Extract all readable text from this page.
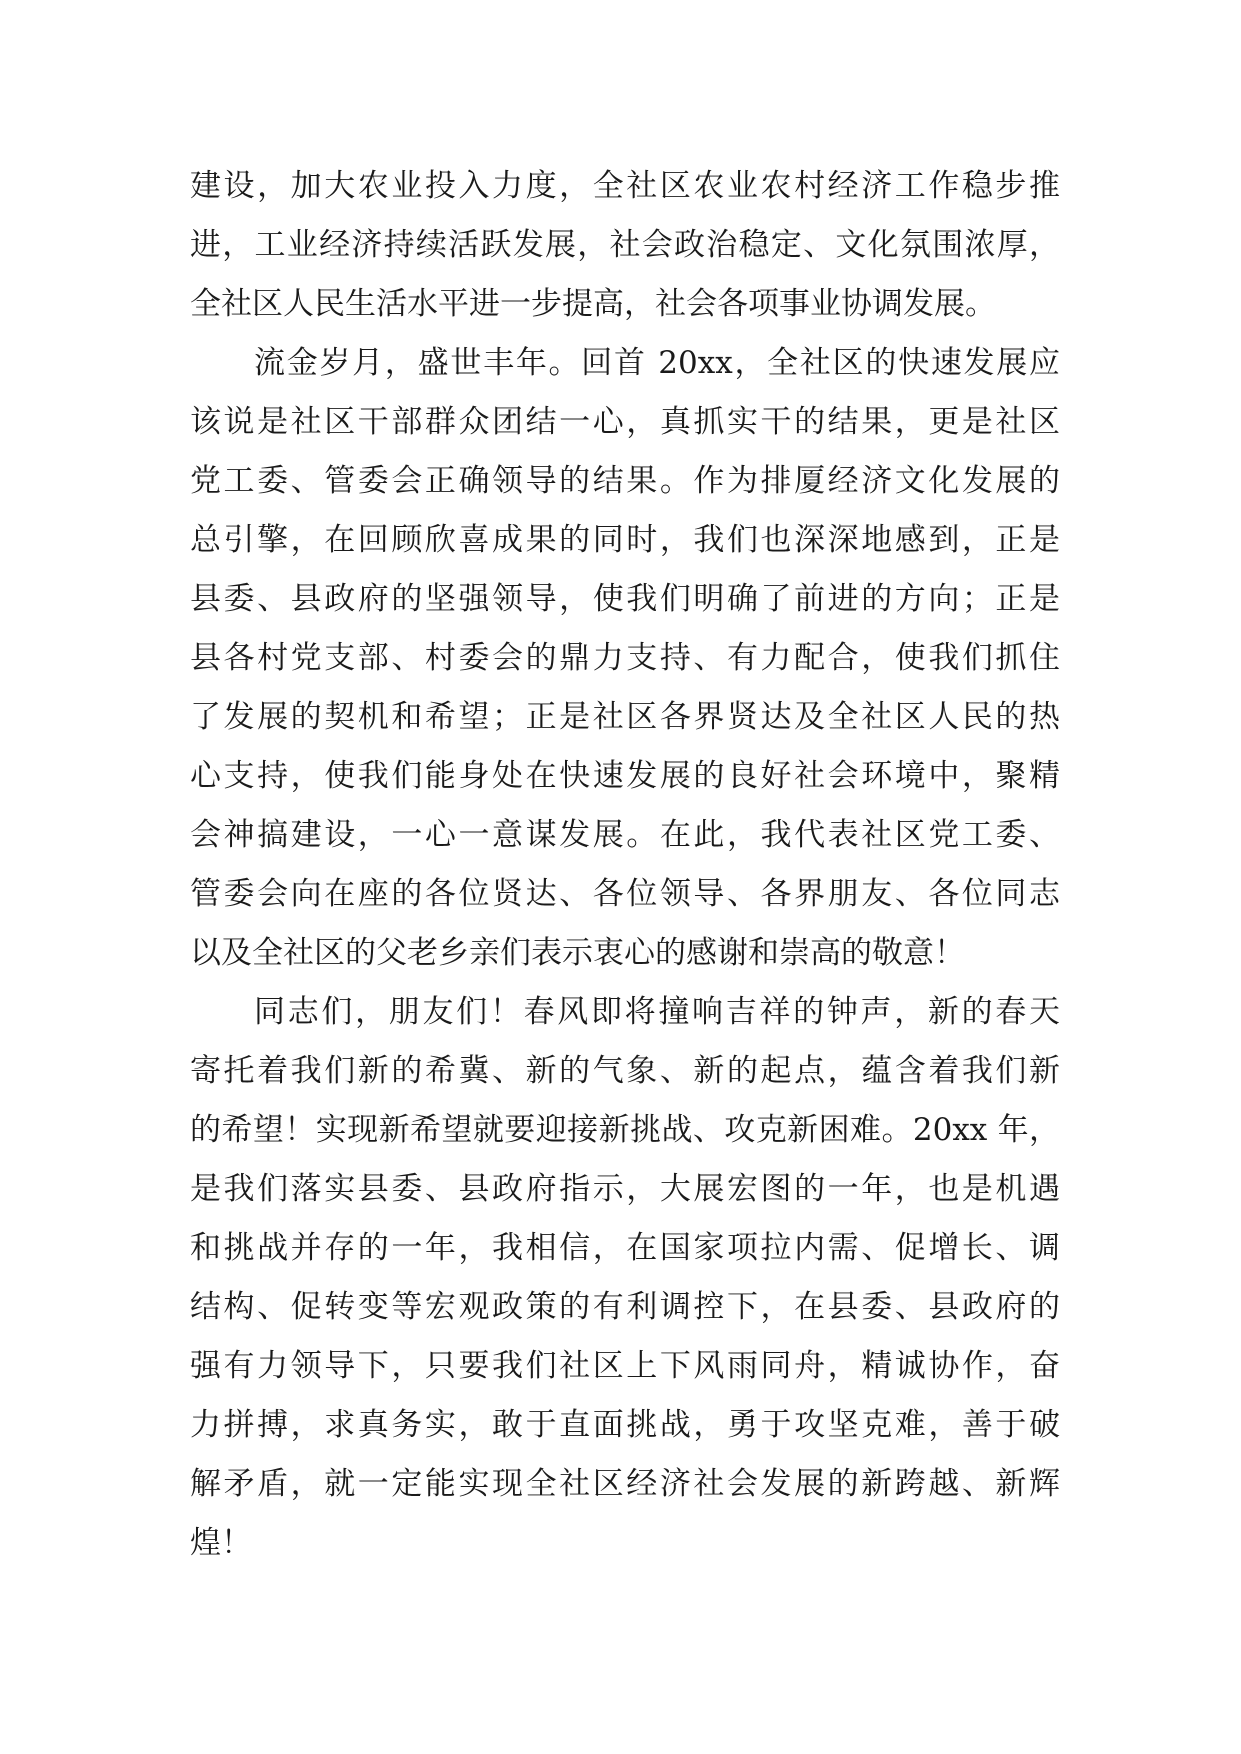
建设，加大农业投入力度，全社区农业农村经济工作稳步推
进，工业经济持续活跃发展，社会政治稳定、文化氛围浓厚，
全社区人民生活水平进一步提高，社会各项事业协调发展。
流金岁月，盛世丰年。回首 20xx，全社区的快速发展应
该说是社区干部群众团结一心，真抓实干的结果，更是社区
党工委、管委会正确领导的结果。作为排厦经济文化发展的
总引擎，在回顾欣喜成果的同时，我们也深深地感到，正是
县委、县政府的坚强领导，使我们明确了前进的方向；正是
县各村党支部、村委会的鼎力支持、有力配合，使我们抓住
了发展的契机和希望；正是社区各界贤达及全社区人民的热
心支持，使我们能身处在快速发展的良好社会环境中，聚精
会神搞建设，一心一意谋发展。在此，我代表社区党工委、
管委会向在座的各位贤达、各位领导、各界朋友、各位同志
以及全社区的父老乡亲们表示衷心的感谢和崇高的敬意！
同志们，朋友们！春风即将撞响吉祥的钟声，新的春天
寄托着我们新的希冀、新的气象、新的起点，蕴含着我们新
的希望！实现新希望就要迎接新挑战、攻克新困难。20xx 年，
是我们落实县委、县政府指示，大展宏图的一年，也是机遇
和挑战并存的一年，我相信，在国家项拉内需、促增长、调
结构、促转变等宏观政策的有利调控下，在县委、县政府的
强有力领导下，只要我们社区上下风雨同舟，精诚协作，奋
力拼搏，求真务实，敢于直面挑战，勇于攻坚克难，善于破
解矛盾，就一定能实现全社区经济社会发展的新跨越、新辉
煌！
